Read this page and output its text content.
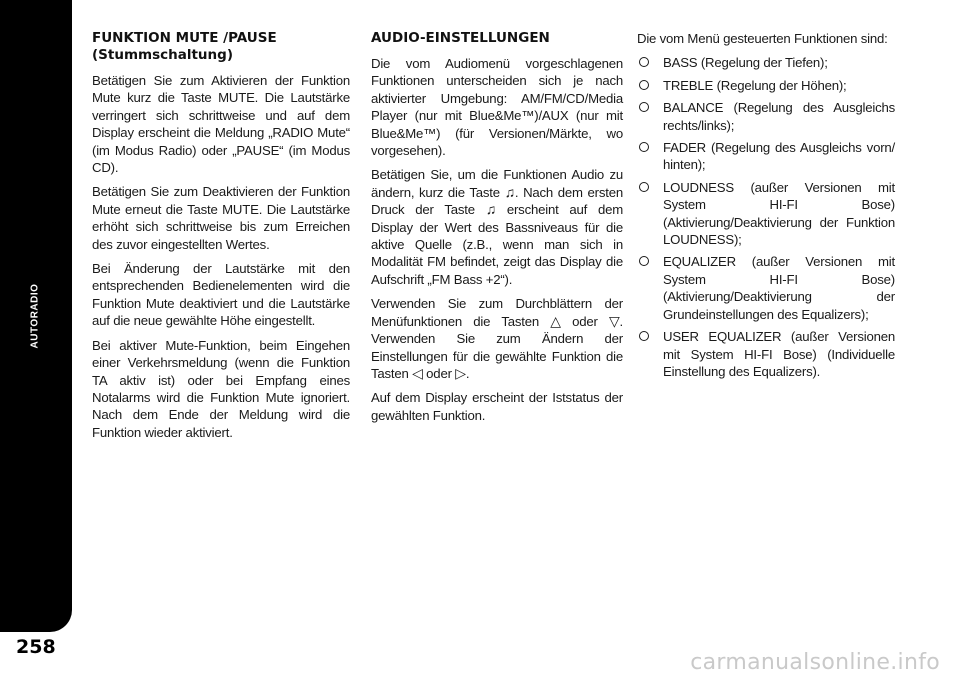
AUTORADIO
258
carmanualsonline.info
FUNKTION MUTE /PAUSE (Stummschaltung)

Betätigen Sie zum Aktivieren der Funktion Mute kurz die Taste MUTE. Die Lautstärke verringert sich schrittweise und auf dem Display erscheint die Meldung „RADIO Mute“ (im Modus Radio) oder „PAUSE“ (im Modus CD).

Betätigen Sie zum Deaktivieren der Funktion Mute erneut die Taste MUTE. Die Lautstärke erhöht sich schrittweise bis zum Erreichen des zuvor eingestellten Wertes.

Bei Änderung der Lautstärke mit den entsprechenden Bedienelementen wird die Funktion Mute deaktiviert und die Lautstärke auf die neue gewählte Höhe eingestellt.

Bei aktiver Mute-Funktion, beim Eingehen einer Verkehrsmeldung (wenn die Funktion TA aktiv ist) oder bei Empfang eines Notalarms wird die Funktion Mute ignoriert. Nach dem Ende der Meldung wird die Funktion wieder aktiviert.

AUDIO-EINSTELLUNGEN

Die vom Audiomenü vorgeschlagenen Funktionen unterscheiden sich je nach aktivierter Umgebung: AM/FM/CD/Media Player (nur mit Blue&Me™)/AUX (nur mit Blue&Me™) (für Versionen/Märkte, wo vorgesehen).

Betätigen Sie, um die Funktionen Audio zu ändern, kurz die Taste ♫. Nach dem ersten Druck der Taste ♫ erscheint auf dem Display der Wert des Bassniveaus für die aktive Quelle (z.B., wenn man sich in Modalität FM befindet, zeigt das Display die Aufschrift „FM Bass +2“).

Verwenden Sie zum Durchblättern der Menüfunktionen die Tasten △ oder ▽. Verwenden Sie zum Ändern der Einstellungen für die gewählte Funktion die Tasten ◁ oder ▷.

Auf dem Display erscheint der Iststatus der gewählten Funktion.

Die vom Menü gesteuerten Funktionen sind:

BASS (Regelung der Tiefen);
TREBLE (Regelung der Höhen);
BALANCE (Regelung des Ausgleichs rechts/links);
FADER (Regelung des Ausgleichs vorn/ hinten);
LOUDNESS (außer Versionen mit System HI-FI Bose) (Aktivierung/Deaktivierung der Funktion LOUDNESS);
EQUALIZER (außer Versionen mit System HI-FI Bose) (Aktivierung/Deaktivierung der Grundeinstellungen des Equalizers);
USER EQUALIZER (außer Versionen mit System HI-FI Bose) (Individuelle Einstellung des Equalizers).
